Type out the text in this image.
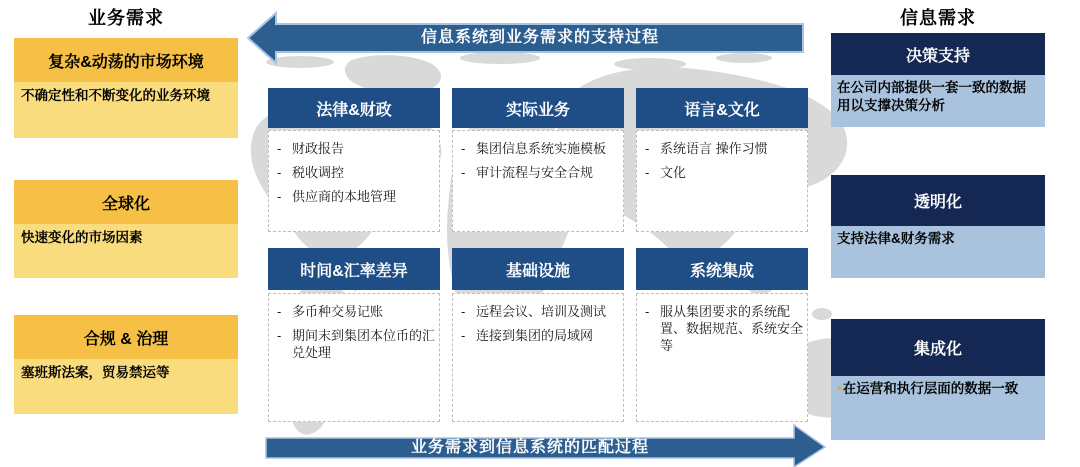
业务需求	信息需求
信息系统到业务需求的支持过程
业务需求到信息系统的匹配过程
复杂&动荡的市场环境
不确定性和不断变化的业务环境
全球化
快速变化的市场因素
合规 & 治理
塞班斯法案，贸易禁运等
法律&财政
- 财政报告
- 税收调控
- 供应商的本地管理
实际业务
- 集团信息系统实施模板
- 审计流程与安全合规
语言&文化
- 系统语言 操作习惯
- 文化
时间&汇率差异
- 多币种交易记账
- 期间末到集团本位币的汇兑处理
基础设施
- 远程会议、培训及测试
- 连接到集团的局域网
系统集成
- 服从集团要求的系统配置、数据规范、系统安全等
决策支持
在公司内部提供一套一致的数据用以支撑决策分析
透明化
支持法律&财务需求
集成化
•在运营和执行层面的数据一致
